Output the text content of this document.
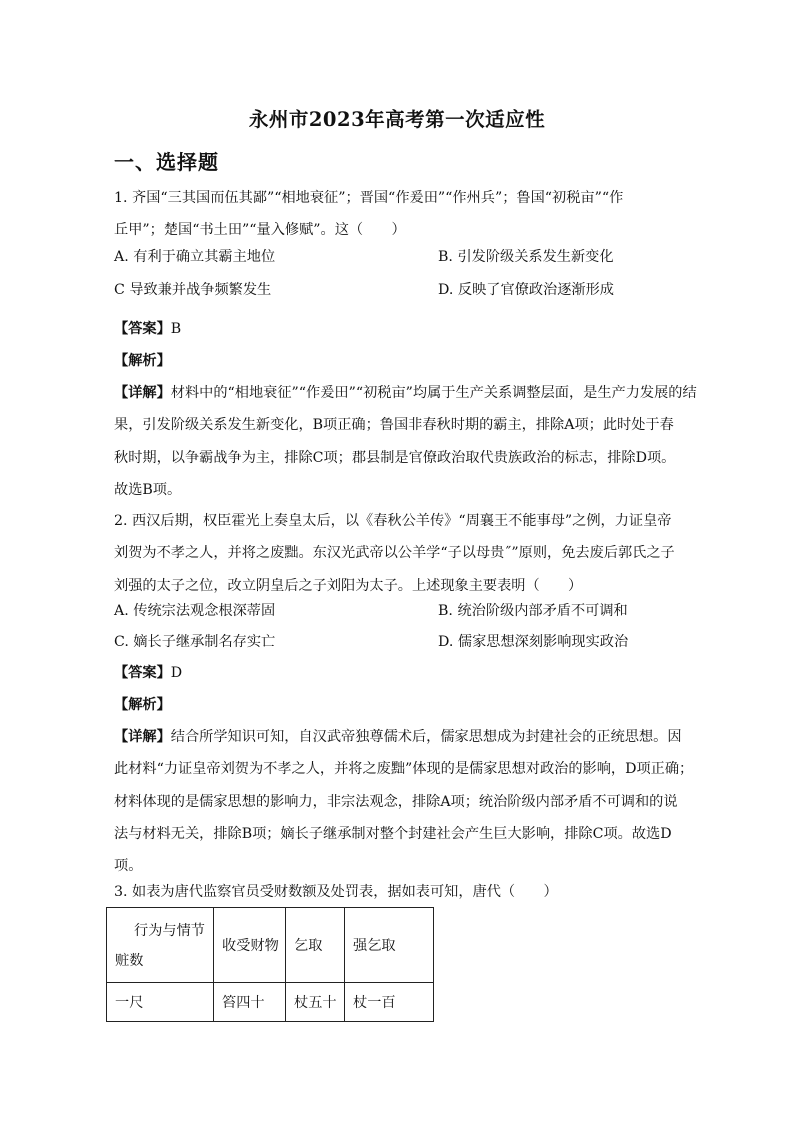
永州市2023年高考第一次适应性
一、选择题
1. 齐国“三其国而伍其鄙”“相地衰征”；晋国“作爰田”“作州兵”；鲁国“初税亩”“作
丘甲”；楚国“书土田”“量入修赋”。这（　　）
A. 有利于确立其霸主地位	B. 引发阶级关系发生新变化
C 导致兼并战争频繁发生	D. 反映了官僚政治逐渐形成
【答案】B
【解析】
【详解】材料中的“相地衰征”“作爰田”“初税亩”均属于生产关系调整层面，是生产力发展的结
果，引发阶级关系发生新变化，B项正确；鲁国非春秋时期的霸主，排除A项；此时处于春
秋时期，以争霸战争为主，排除C项；郡县制是官僚政治取代贵族政治的标志，排除D项。
故选B项。
2. 西汉后期，权臣霍光上奏皇太后，以《春秋公羊传》“周襄王不能事母”之例，力证皇帝
刘贺为不孝之人，并将之废黜。东汉光武帝以公羊学“子以母贵˝”原则，免去废后郭氏之子
刘强的太子之位，改立阴皇后之子刘阳为太子。上述现象主要表明（　　）
A. 传统宗法观念根深蒂固	B. 统治阶级内部矛盾不可调和
C. 嫡长子继承制名存实亡	D. 儒家思想深刻影响现实政治
【答案】D
【解析】
【详解】结合所学知识可知，自汉武帝独尊儒术后，儒家思想成为封建社会的正统思想。因
此材料“力证皇帝刘贺为不孝之人，并将之废黜”体现的是儒家思想对政治的影响，D项正确；
材料体现的是儒家思想的影响力，非宗法观念，排除A项；统治阶级内部矛盾不可调和的说
法与材料无关，排除B项；嫡长子继承制对整个封建社会产生巨大影响，排除C项。故选D
项。
3. 如表为唐代监察官员受财数额及处罚表，据如表可知，唐代（　　）
行为与情节
赃数	收受财物	乞取	强乞取
一尺	笞四十	杖五十	杖一百
